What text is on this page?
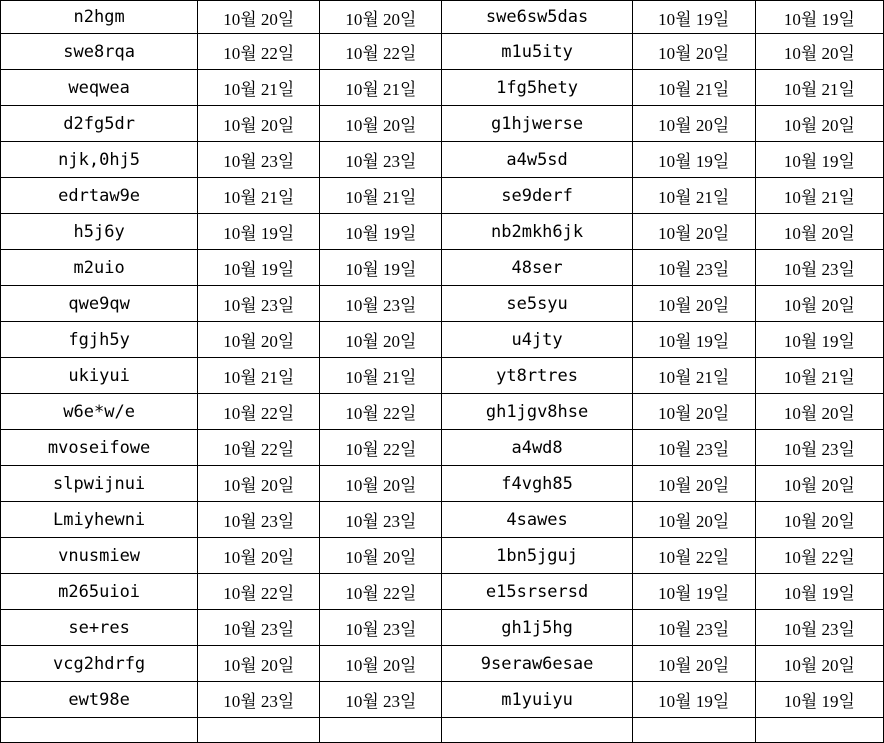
n2hgm	10월 20일	10월 20일	swe6sw5das	10월 19일	10월 19일
swe8rqa	10월 22일	10월 22일	m1u5ity	10월 20일	10월 20일
weqwea	10월 21일	10월 21일	1fg5hety	10월 21일	10월 21일
d2fg5dr	10월 20일	10월 20일	g1hjwerse	10월 20일	10월 20일
njk,0hj5	10월 23일	10월 23일	a4w5sd	10월 19일	10월 19일
edrtaw9e	10월 21일	10월 21일	se9derf	10월 21일	10월 21일
h5j6y	10월 19일	10월 19일	nb2mkh6jk	10월 20일	10월 20일
m2uio	10월 19일	10월 19일	48ser	10월 23일	10월 23일
qwe9qw	10월 23일	10월 23일	se5syu	10월 20일	10월 20일
fgjh5y	10월 20일	10월 20일	u4jty	10월 19일	10월 19일
ukiyui	10월 21일	10월 21일	yt8rtres	10월 21일	10월 21일
w6e*w/e	10월 22일	10월 22일	gh1jgv8hse	10월 20일	10월 20일
mvoseifowe	10월 22일	10월 22일	a4wd8	10월 23일	10월 23일
slpwijnui	10월 20일	10월 20일	f4vgh85	10월 20일	10월 20일
Lmiyhewni	10월 23일	10월 23일	4sawes	10월 20일	10월 20일
vnusmiew	10월 20일	10월 20일	1bn5jguj	10월 22일	10월 22일
m265uioi	10월 22일	10월 22일	e15srsersd	10월 19일	10월 19일
se+res	10월 23일	10월 23일	gh1j5hg	10월 23일	10월 23일
vcg2hdrfg	10월 20일	10월 20일	9seraw6esae	10월 20일	10월 20일
ewt98e	10월 23일	10월 23일	m1yuiyu	10월 19일	10월 19일
